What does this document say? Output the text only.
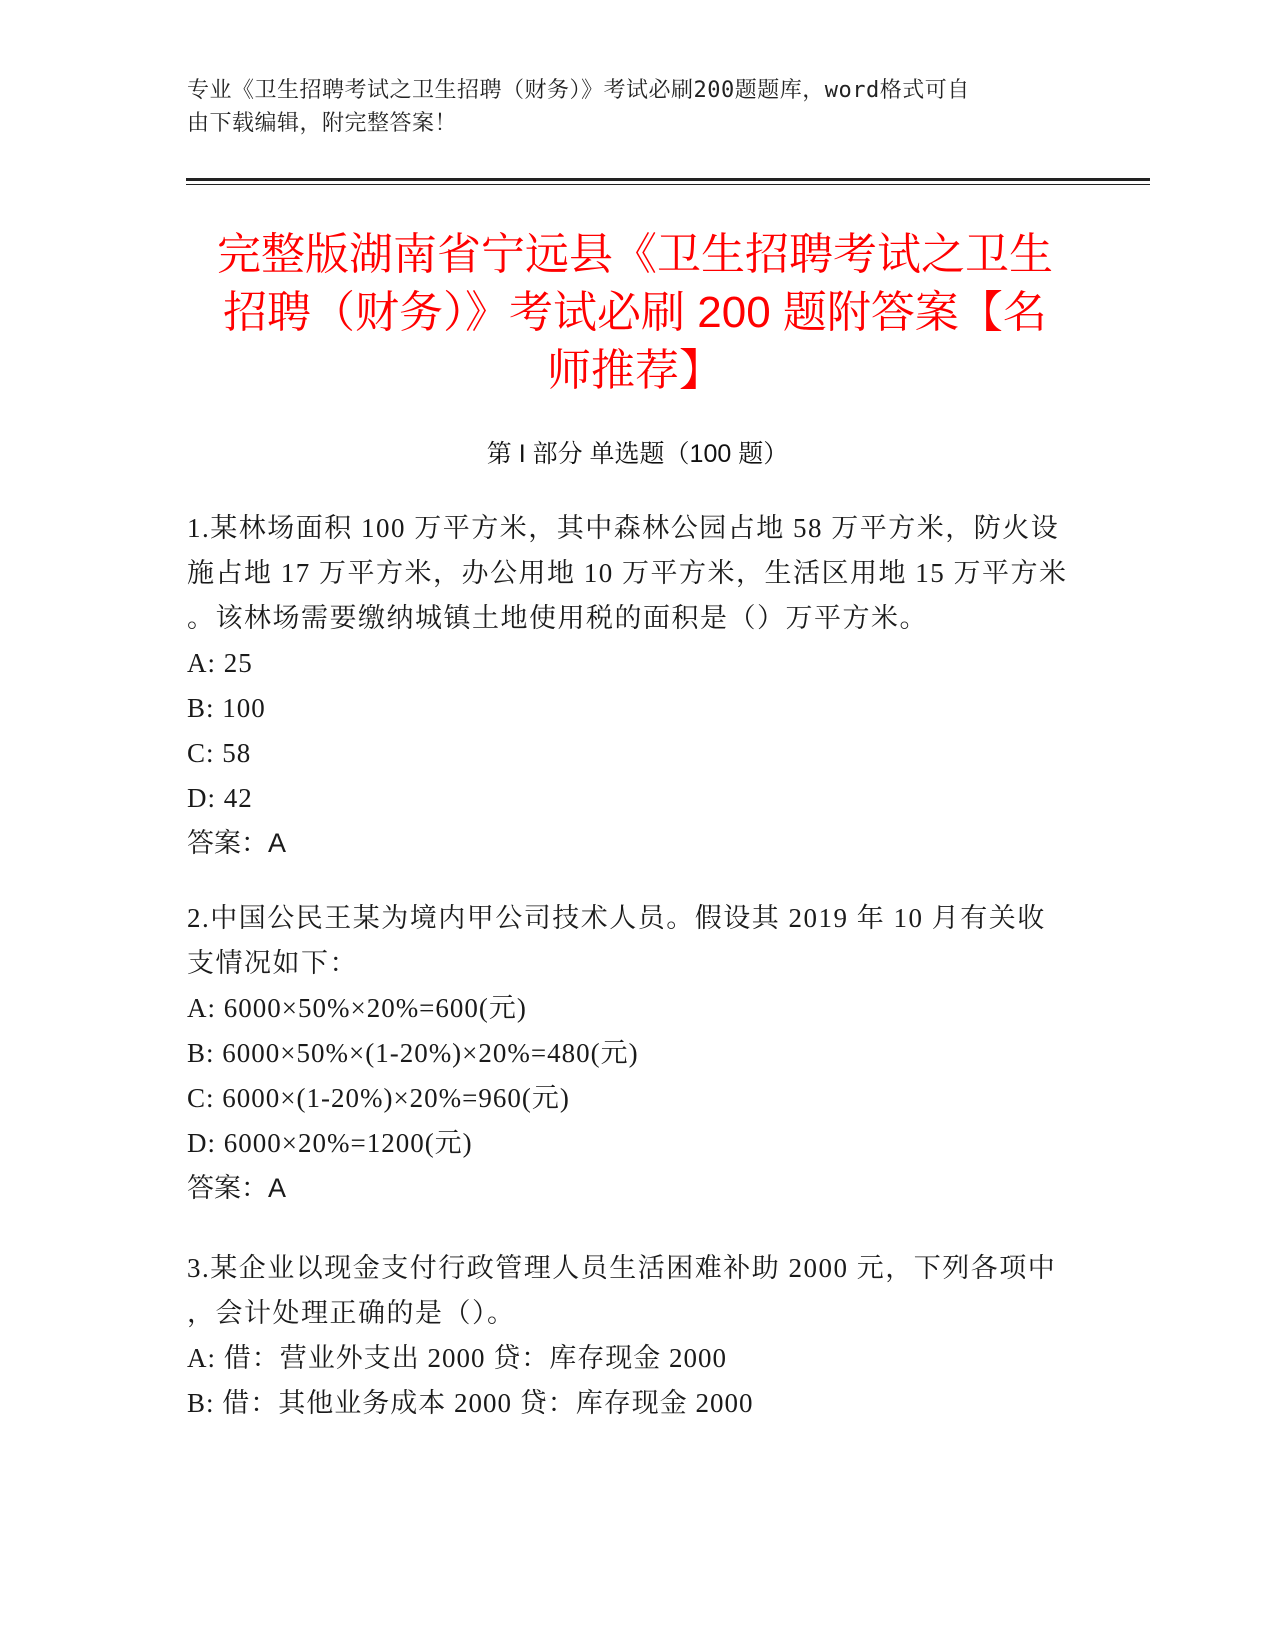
专业《卫生招聘考试之卫生招聘（财务）》考试必刷200题题库，word格式可自
由下载编辑，附完整答案！
完整版湖南省宁远县《卫生招聘考试之卫生
招聘（财务）》考试必刷 200 题附答案【名
师推荐】
第 I 部分 单选题（100 题）

1.某林场面积 100 万平方米，其中森林公园占地 58 万平方米，防火设
施占地 17 万平方米，办公用地 10 万平方米，生活区用地 15 万平方米
。该林场需要缴纳城镇土地使用税的面积是（）万平方米。

A: 25

B: 100

C: 58

D: 42

答案：A

2.中国公民王某为境内甲公司技术人员。假设其 2019 年 10 月有关收
支情况如下：

A: 6000×50%×20%=600(元)

B: 6000×50%×(1-20%)×20%=480(元)

C: 6000×(1-20%)×20%=960(元)

D: 6000×20%=1200(元)

答案：A

3.某企业以现金支付行政管理人员生活困难补助 2000 元，下列各项中
，会计处理正确的是（）。

A: 借：营业外支出 2000 贷：库存现金 2000

B: 借：其他业务成本 2000 贷：库存现金 2000
